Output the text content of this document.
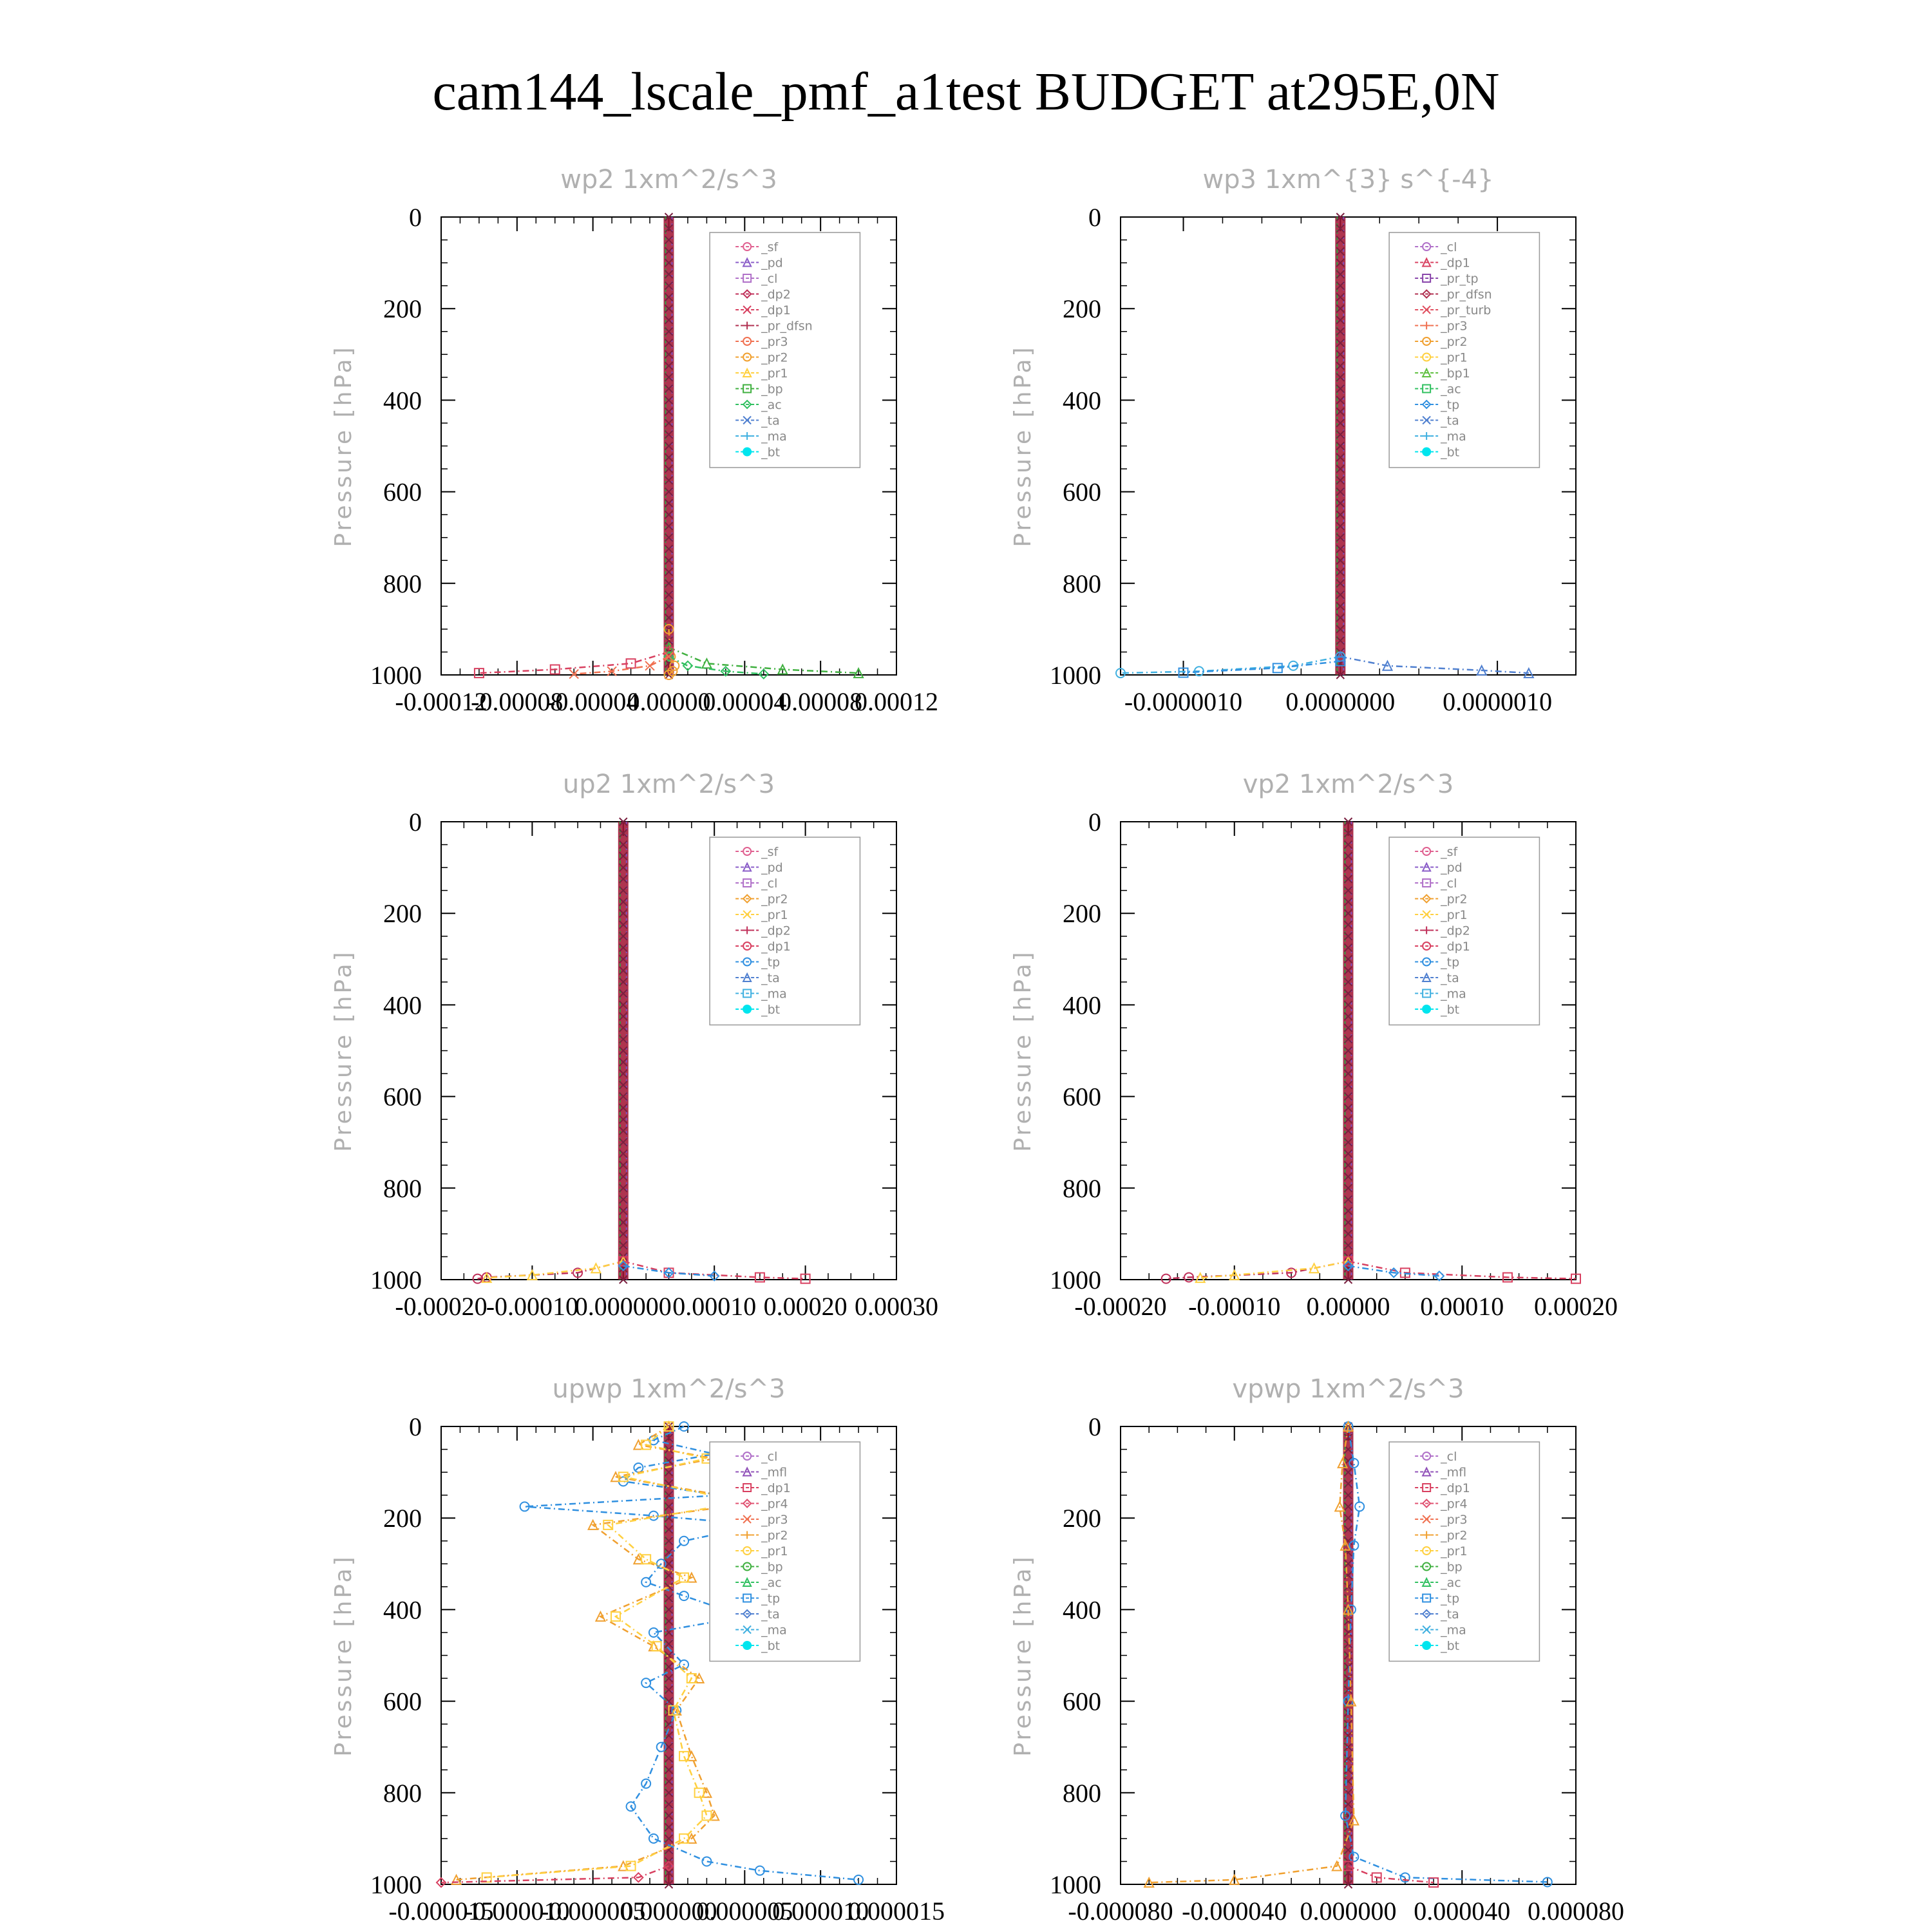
cam144_lscale_pmf_a1test BUDGET at295E,0N
wp2 1xm^2/s^3
Pressure [hPa]
0
200
400
600
800
1000
-0.00012
-0.00008
-0.00004
0.00000
0.00004
0.00008
0.00012
_sf
_pd
_cl
_dp2
_dp1
_pr_dfsn
_pr3
_pr2
_pr1
_bp
_ac
_ta
_ma
_bt
wp3 1xm^{3} s^{-4}
Pressure [hPa]
0
200
400
600
800
1000
-0.0000010 0.0000000 0.0000010
_cl
_dp1
_pr_tp
_pr_dfsn
_pr_turb
_pr3
_pr2
_pr1
_bp1
_ac
_tp
_ta
_ma
_bt
up2 1xm^2/s^3
Pressure [hPa]
0
200
400
600
800
1000
-0.00020
-0.00010
0.000000 0.00010 0.00020 0.00030
_sf
_pd
_cl
_pr2
_pr1
_dp2
_dp1
_tp
_ta
_ma
_bt
vp2 1xm^2/s^3
Pressure [hPa]
0
200
400
600
800
1000
-0.00020 -0.00010 0.00000 0.00010 0.00020
_sf
_pd
_cl
_pr2
_pr1
_dp2
_dp1
_tp
_ta
_ma
_bt
upwp 1xm^2/s^3
Pressure [hPa]
0
200
400
600
800
1000
-0.000015
-0.000010
-0.000005
0.000000
0.000005
0.000010
0.000015
_cl
_mfl
_dp1
_pr4
_pr3
_pr2
_pr1
_bp
_ac
_tp
_ta
_ma
_bt
vpwp 1xm^2/s^3
Pressure [hPa]
0
200
400
600
800
1000
-0.000080 -0.000040 0.000000 0.000040 0.000080
_cl
_mfl
_dp1
_pr4
_pr3
_pr2
_pr1
_bp
_ac
_tp
_ta
_ma
_bt
